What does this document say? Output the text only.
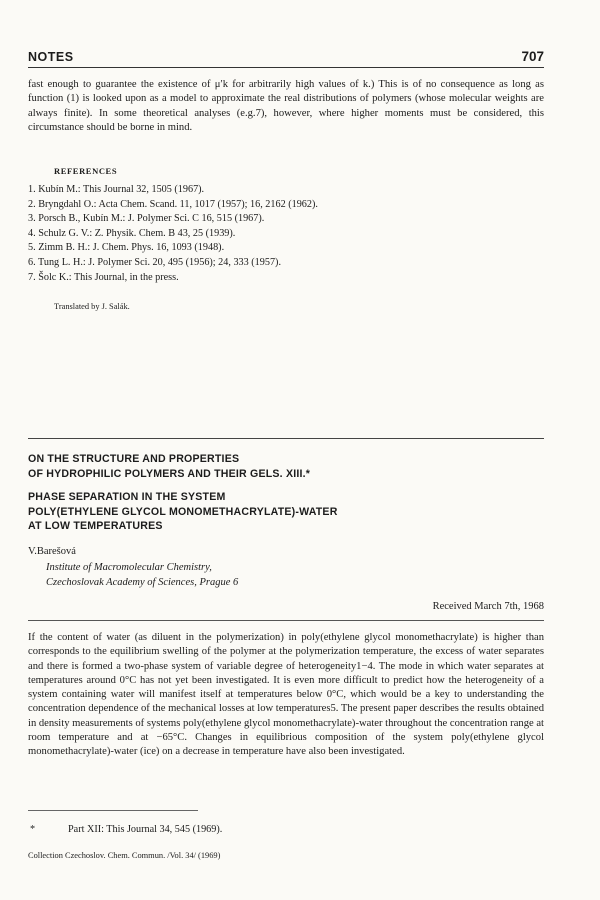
NOTES	707
fast enough to guarantee the existence of μ′k for arbitrarily high values of k.) This is of no consequence as long as function (1) is looked upon as a model to approximate the real distributions of polymers (whose molecular weights are always finite). In some theoretical analyses (e.g.7), however, where higher moments must be considered, this circumstance should be borne in mind.
REFERENCES
1. Kubín M.: This Journal 32, 1505 (1967).
2. Bryngdahl O.: Acta Chem. Scand. 11, 1017 (1957); 16, 2162 (1962).
3. Porsch B., Kubín M.: J. Polymer Sci. C 16, 515 (1967).
4. Schulz G. V.: Z. Physik. Chem. B 43, 25 (1939).
5. Zimm B. H.: J. Chem. Phys. 16, 1093 (1948).
6. Tung L. H.: J. Polymer Sci. 20, 495 (1956); 24, 333 (1957).
7. Šolc K.: This Journal, in the press.
Translated by J. Salák.
ON THE STRUCTURE AND PROPERTIES
OF HYDROPHILIC POLYMERS AND THEIR GELS. XIII.*
PHASE SEPARATION IN THE SYSTEM
POLY(ETHYLENE GLYCOL MONOMETHACRYLATE)-WATER
AT LOW TEMPERATURES
V.Barešová
Institute of Macromolecular Chemistry,
Czechoslovak Academy of Sciences, Prague 6
Received March 7th, 1968
If the content of water (as diluent in the polymerization) in poly(ethylene glycol monomethacrylate) is higher than corresponds to the equilibrium swelling of the polymer at the polymerization temperature, the excess of water separates and there is formed a two-phase system of variable degree of heterogeneity1−4. The mode in which water separates at temperatures around 0°C has not yet been investigated. It is even more difficult to predict how the heterogeneity of a system containing water will manifest itself at temperatures below 0°C, which would be a key to understanding the concentration dependence of the mechanical losses at low temperatures5. The present paper describes the results obtained in density measurements of systems poly(ethylene glycol monomethacrylate)-water throughout the concentration range at room temperature and at −65°C. Changes in equilibrious composition of the system poly(ethylene glycol monomethacrylate)-water (ice) on a decrease in temperature have also been investigated.
*	Part XII: This Journal 34, 545 (1969).
Collection Czechoslov. Chem. Commun. /Vol. 34/ (1969)
